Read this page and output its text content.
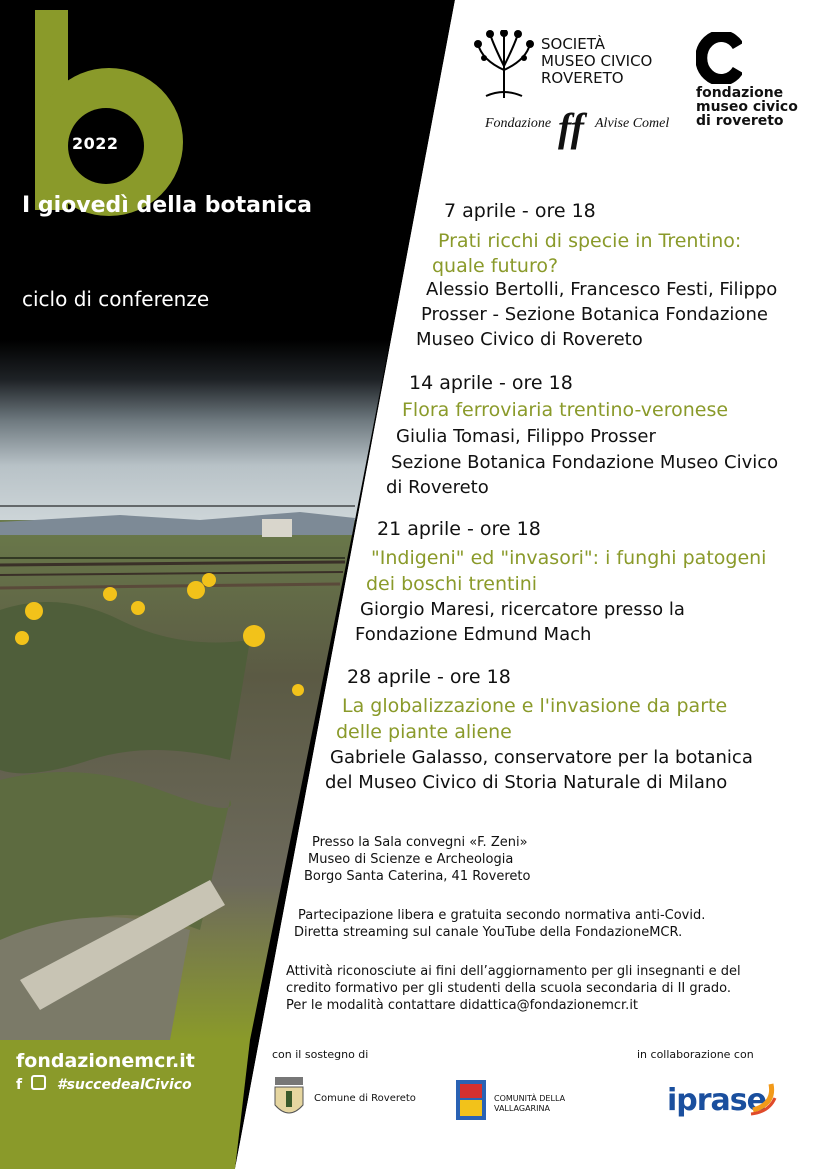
2022
I giovedì della botanica
ciclo di conferenze
SOCIETÀ
MUSEO CIVICO
ROVERETO
Fondazione ff Alvise Comel
fondazione
museo civico
di rovereto
7 aprile - ore 18
Prati ricchi di specie in Trentino:
quale futuro?
Alessio Bertolli, Francesco Festi, Filippo
Prosser - Sezione Botanica Fondazione
Museo Civico di Rovereto
14 aprile - ore 18
Flora ferroviaria trentino-veronese
Giulia Tomasi, Filippo Prosser
Sezione Botanica Fondazione Museo Civico
di Rovereto
21 aprile - ore 18
"Indigeni" ed "invasori": i funghi patogeni
dei boschi trentini
Giorgio Maresi, ricercatore presso la
Fondazione Edmund Mach
28 aprile - ore 18
La globalizzazione e l'invasione da parte
delle piante aliene
Gabriele Galasso, conservatore per la botanica
del Museo Civico di Storia Naturale di Milano
Presso la Sala convegni «F. Zeni»
Museo di Scienze e Archeologia
Borgo Santa Caterina, 41 Rovereto
Partecipazione libera e gratuita secondo normativa anti-Covid.
Diretta streaming sul canale YouTube della FondazioneMCR.
Attività riconosciute ai fini dell’aggiornamento per gli insegnanti e del
credito formativo per gli studenti della scuola secondaria di II grado.
Per le modalità contattare didattica@fondazionemcr.it
fondazionemcr.it
f #succedealCivico
con il sostegno di	in collaborazione con
Comune di Rovereto	COMUNITÀ DELLA
VALLAGARINA	iprase
